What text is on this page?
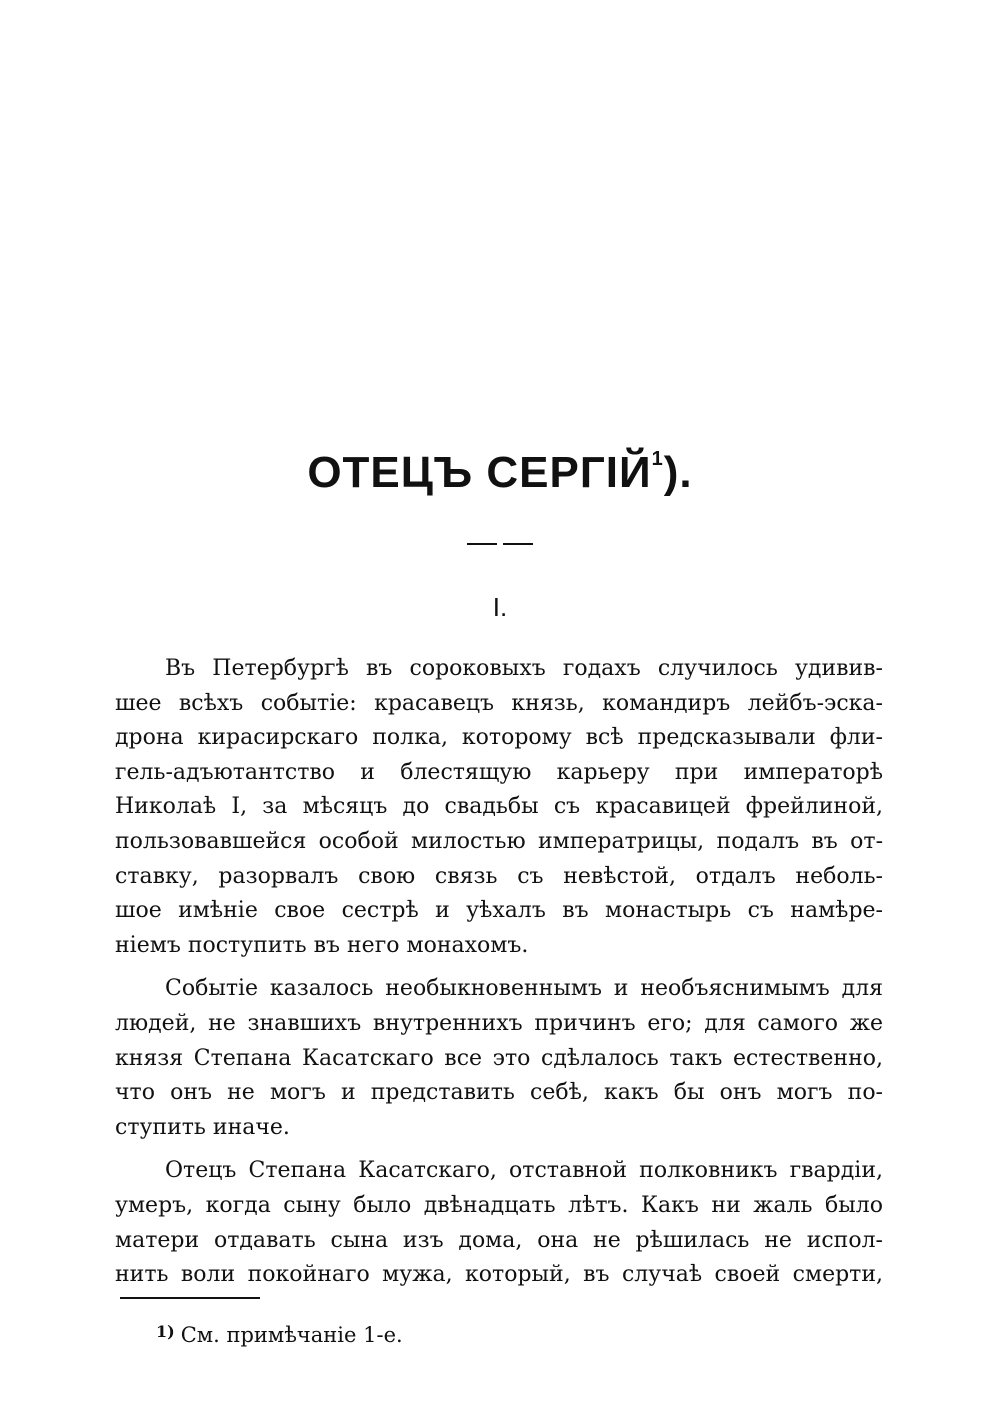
ОТЕЦЪ СЕРГІЙ$^1$).
I.
Въ Петербургѣ въ сороковыхъ годахъ случилось удивив-
шее всѣхъ событіе: красавецъ князь, командиръ лейбъ-эска-
дрона кирасирскаго полка, которому всѣ предсказывали фли-
гель-адъютантство и блестящую карьеру при императорѣ
Николаѣ I, за мѣсяцъ до свадьбы съ красавицей фрейлиной,
пользовавшейся особой милостью императрицы, подалъ въ от-
ставку, разорвалъ свою связь съ невѣстой, отдалъ неболь-
шое имѣніе свое сестрѣ и уѣхалъ въ монастырь съ намѣре-
ніемъ поступить въ него монахомъ.
Событіе казалось необыкновеннымъ и необъяснимымъ для
людей, не знавшихъ внутреннихъ причинъ его; для самого же
князя Степана Касатскаго все это сдѣлалось такъ естественно,
что онъ не могъ и представить себѣ, какъ бы онъ могъ по-
ступить иначе.
Отецъ Степана Касатскаго, отставной полковникъ гвардіи,
умеръ, когда сыну было двѣнадцать лѣтъ. Какъ ни жаль было
матери отдавать сына изъ дома, она не рѣшилась не испол-
нить воли покойнаго мужа, который, въ случаѣ своей смерти,
$^{1)}$ См. примѣчаніе 1-е.
